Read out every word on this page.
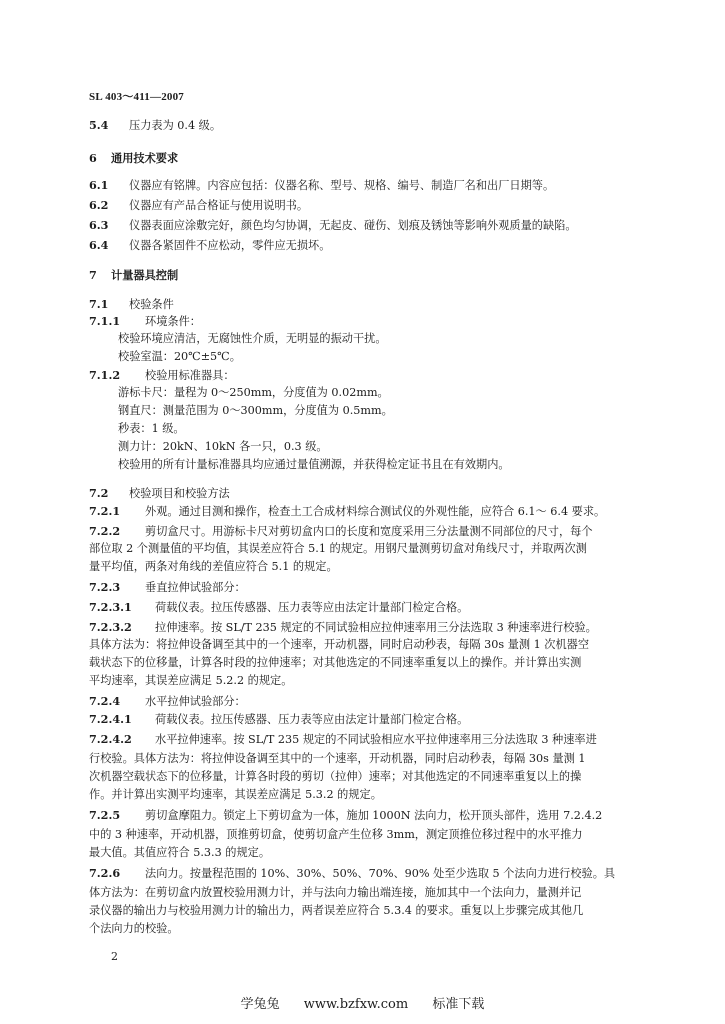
SL 403～411—2007
5.4 压力表为 0.4 级。
6 通用技术要求
6.1 仪器应有铭牌。内容应包括：仪器名称、型号、规格、编号、制造厂名和出厂日期等。
6.2 仪器应有产品合格证与使用说明书。
6.3 仪器表面应涂敷完好，颜色均匀协调，无起皮、碰伤、划痕及锈蚀等影响外观质量的缺陷。
6.4 仪器各紧固件不应松动，零件应无损坏。
7 计量器具控制
7.1 校验条件
7.1.1 环境条件：
校验环境应清洁，无腐蚀性介质，无明显的振动干扰。
校验室温：20℃±5℃。
7.1.2 校验用标准器具：
游标卡尺：量程为 0～250mm，分度值为 0.02mm。
钢直尺：测量范围为 0～300mm，分度值为 0.5mm。
秒表：1 级。
测力计：20kN、10kN 各一只，0.3 级。
校验用的所有计量标准器具均应通过量值溯源，并获得检定证书且在有效期内。
7.2 校验项目和校验方法
7.2.1 外观。通过目测和操作，检查土工合成材料综合测试仪的外观性能，应符合 6.1～ 6.4 要求。
7.2.2 剪切盒尺寸。用游标卡尺对剪切盒内口的长度和宽度采用三分法量测不同部位的尺寸，每个
部位取 2 个测量值的平均值，其误差应符合 5.1 的规定。用钢尺量测剪切盒对角线尺寸，并取两次测
量平均值，两条对角线的差值应符合 5.1 的规定。
7.2.3 垂直拉伸试验部分：
7.2.3.1 荷载仪表。拉压传感器、压力表等应由法定计量部门检定合格。
7.2.3.2 拉伸速率。按 SL/T 235 规定的不同试验相应拉伸速率用三分法选取 3 种速率进行校验。
具体方法为：将拉伸设备调至其中的一个速率，开动机器，同时启动秒表，每隔 30s 量测 1 次机器空
载状态下的位移量，计算各时段的拉伸速率；对其他选定的不同速率重复以上的操作。并计算出实测
平均速率，其误差应满足 5.2.2 的规定。
7.2.4 水平拉伸试验部分：
7.2.4.1 荷载仪表。拉压传感器、压力表等应由法定计量部门检定合格。
7.2.4.2 水平拉伸速率。按 SL/T 235 规定的不同试验相应水平拉伸速率用三分法选取 3 种速率进
行校验。具体方法为：将拉伸设备调至其中的一个速率，开动机器，同时启动秒表，每隔 30s 量测 1
次机器空载状态下的位移量，计算各时段的剪切（拉伸）速率；对其他选定的不同速率重复以上的操
作。并计算出实测平均速率，其误差应满足 5.3.2 的规定。
7.2.5 剪切盒摩阻力。锁定上下剪切盒为一体，施加 1000N 法向力，松开顶头部件，选用 7.2.4.2
中的 3 种速率，开动机器，顶推剪切盒，使剪切盒产生位移 3mm，测定顶推位移过程中的水平推力
最大值。其值应符合 5.3.3 的规定。
7.2.6 法向力。按量程范围的 10%、30%、50%、70%、90% 处至少选取 5 个法向力进行校验。具
体方法为：在剪切盒内放置校验用测力计，并与法向力输出端连接，施加其中一个法向力，量测并记
录仪器的输出力与校验用测力计的输出力，两者误差应符合 5.3.4 的要求。重复以上步骤完成其他几
个法向力的校验。
2
学兔兔 www.bzfxw.com 标准下载
